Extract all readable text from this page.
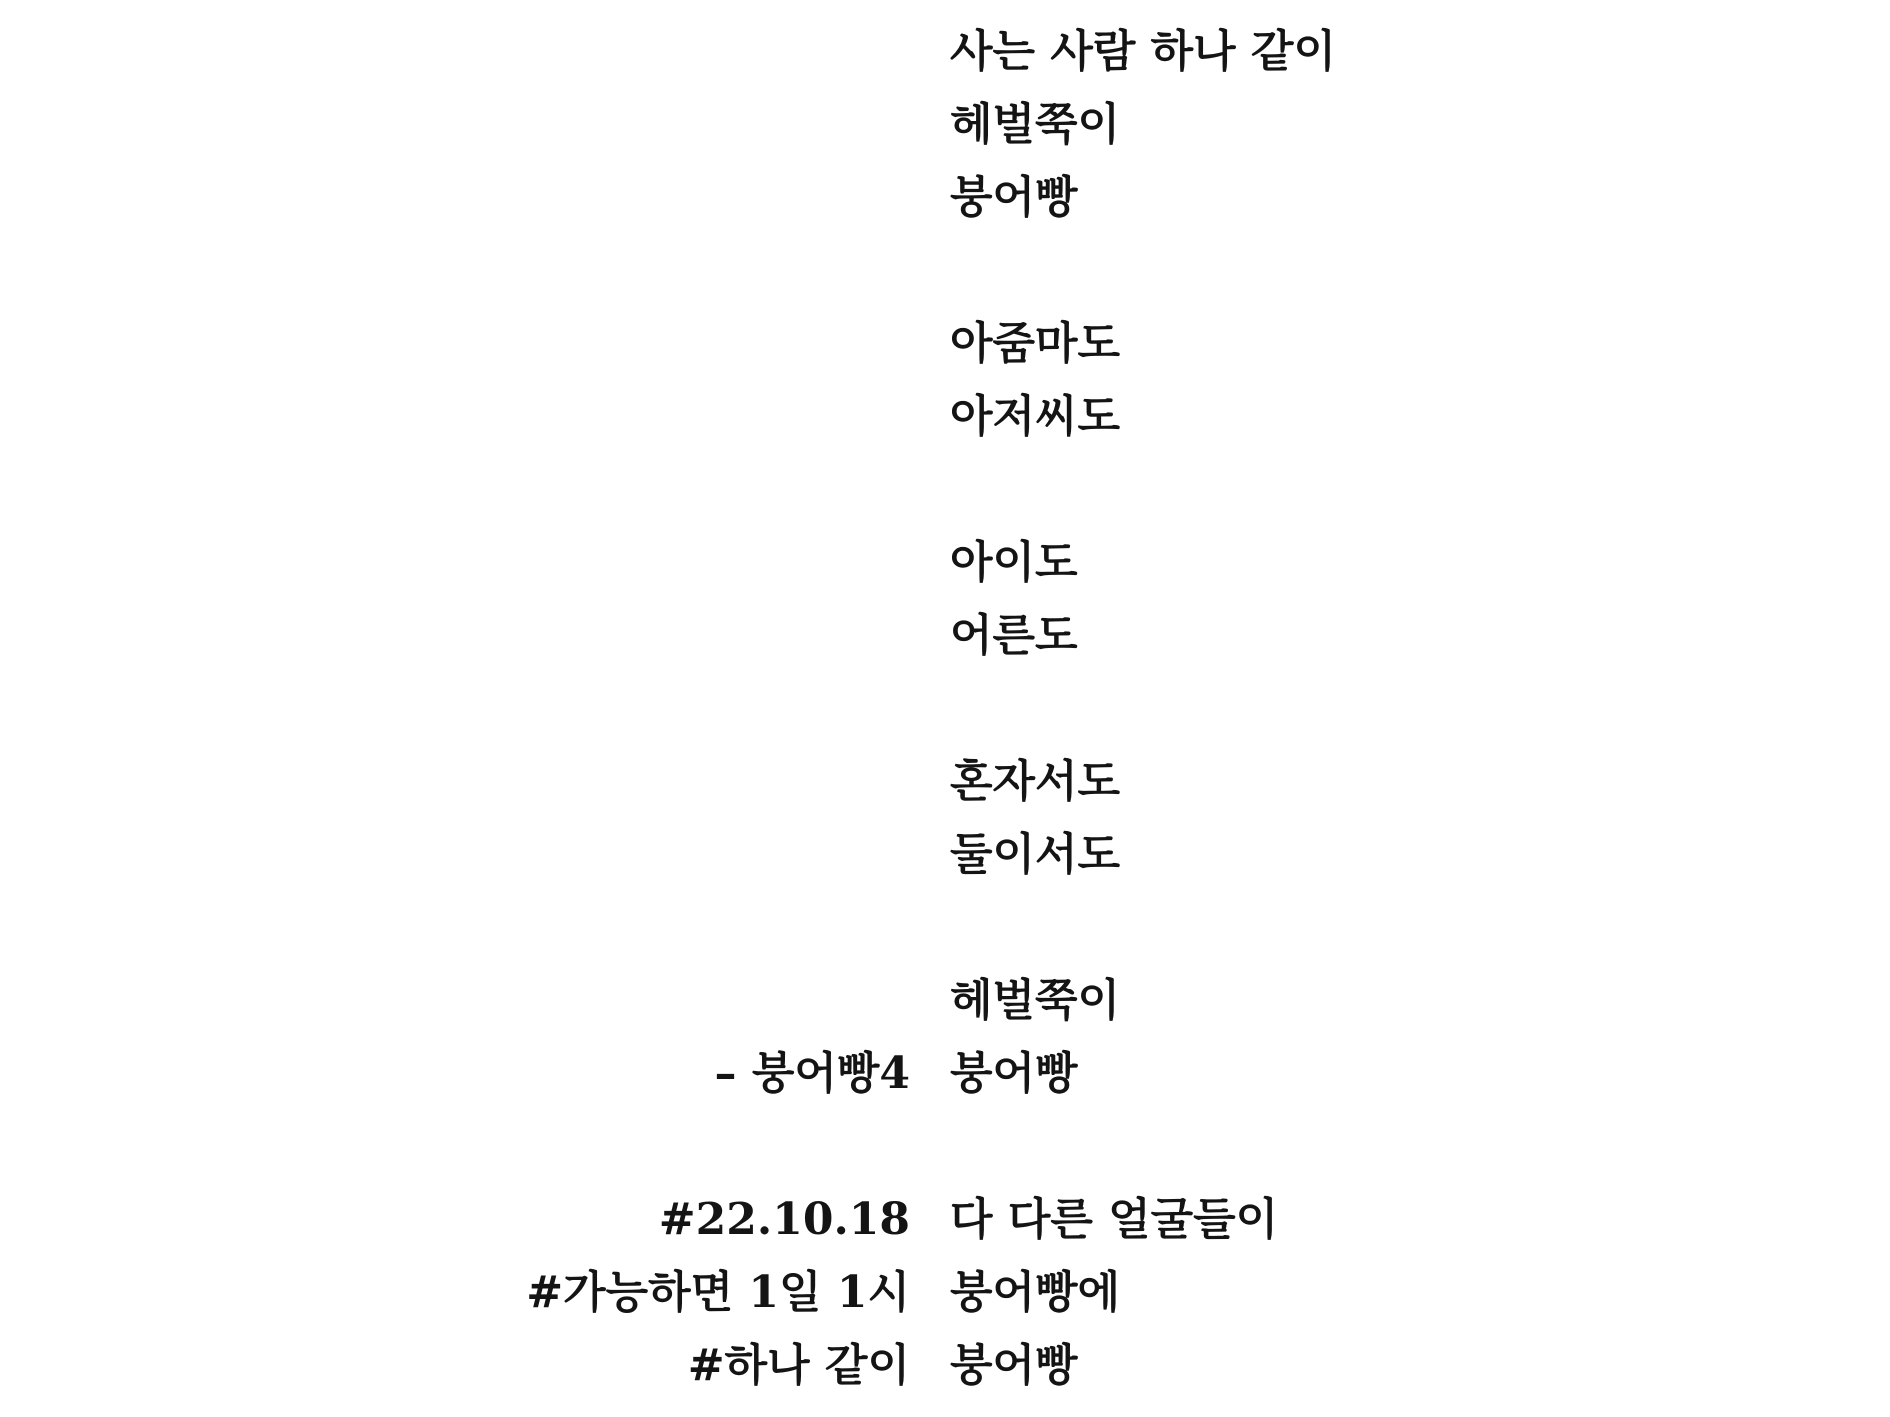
사는 사람 하나 같이
헤벌쭉이
붕어빵
아줌마도
아저씨도
아이도
어른도
혼자서도
둘이서도
헤벌쭉이
붕어빵
다 다른 얼굴들이
붕어빵에
붕어빵
– 붕어빵4
#22.10.18
#가능하면 1일 1시
#하나 같이
